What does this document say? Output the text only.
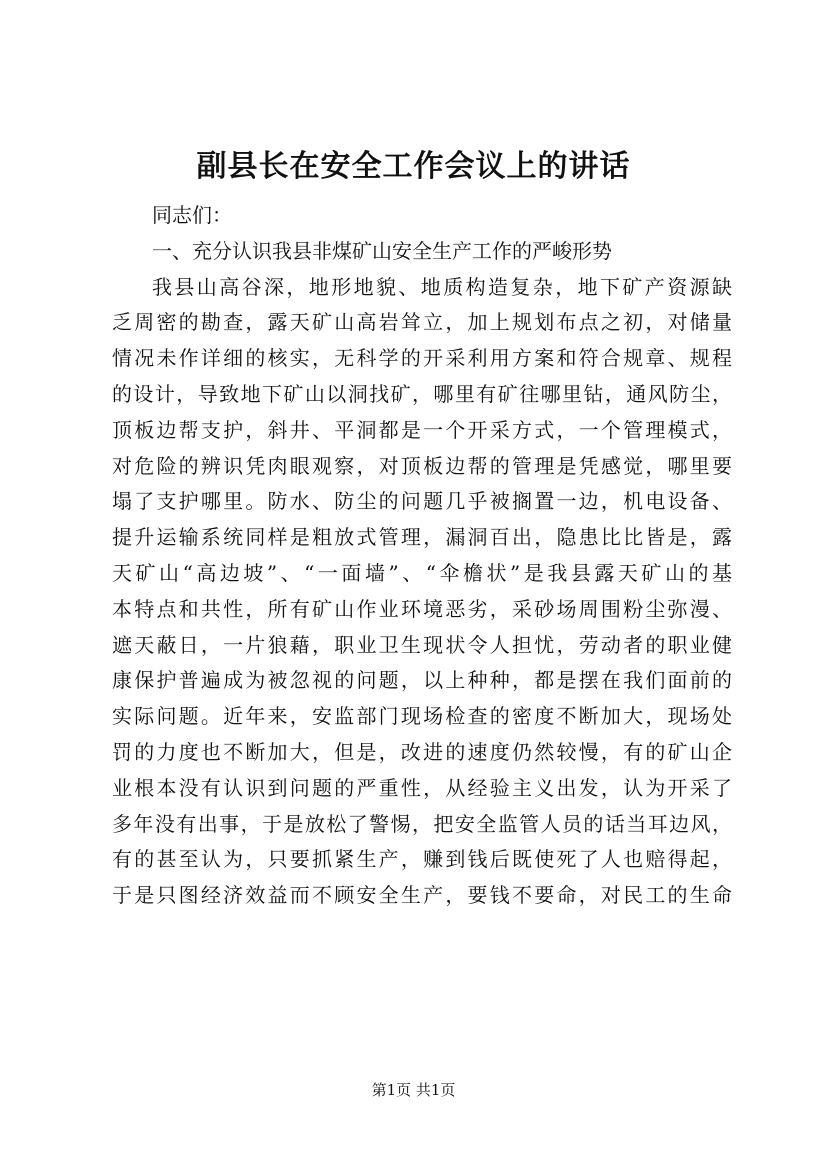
副县长在安全工作会议上的讲话
同志们：
一、充分认识我县非煤矿山安全生产工作的严峻形势
我县山高谷深，地形地貌、地质构造复杂，地下矿产资源缺
乏周密的勘查，露天矿山高岩耸立，加上规划布点之初，对储量
情况未作详细的核实，无科学的开采利用方案和符合规章、规程
的设计，导致地下矿山以洞找矿，哪里有矿往哪里钻，通风防尘，
顶板边帮支护，斜井、平洞都是一个开采方式，一个管理模式，
对危险的辨识凭肉眼观察，对顶板边帮的管理是凭感觉，哪里要
塌了支护哪里。防水、防尘的问题几乎被搁置一边，机电设备、
提升运输系统同样是粗放式管理，漏洞百出，隐患比比皆是，露
天矿山“高边坡”、“一面墙”、“伞檐状”是我县露天矿山的基
本特点和共性，所有矿山作业环境恶劣，采砂场周围粉尘弥漫、
遮天蔽日，一片狼藉，职业卫生现状令人担忧，劳动者的职业健
康保护普遍成为被忽视的问题，以上种种，都是摆在我们面前的
实际问题。近年来，安监部门现场检查的密度不断加大，现场处
罚的力度也不断加大，但是，改进的速度仍然较慢，有的矿山企
业根本没有认识到问题的严重性，从经验主义出发，认为开采了
多年没有出事，于是放松了警惕，把安全监管人员的话当耳边风，
有的甚至认为，只要抓紧生产，赚到钱后既使死了人也赔得起，
于是只图经济效益而不顾安全生产，要钱不要命，对民工的生命
第1页 共1页
